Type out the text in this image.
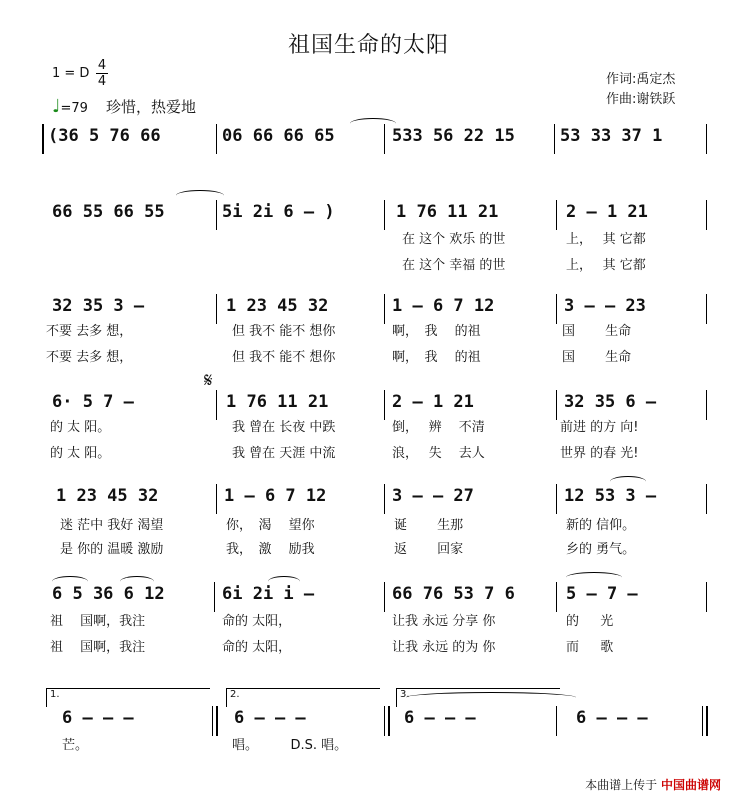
祖国生命的太阳
1 = D
4
4
♩=79 珍惜，热爱地
作词:禹定杰
作曲:谢铁跃
(36 5 76 66	06 66 66 65	533 56 22 15	53 33 37 1
66 55 66 55	5i 2i 6 – )	1 76 11 21
在 这个 欢乐 的世
在 这个 幸福 的世
2 – 1 21
上，　 其 它都
上，　 其 它都
32 35 3 –
不要 去多 想，
不要 去多 想，
1 23 45 32
但 我不 能不 想你
但 我不 能不 想你
1 – 6 7 12
啊，　我 　的祖
啊，　我 　的祖
3 – – 23
国 　　生命
国 　　生命
6· 5 7 –
的 太 阳。
的 太 阳。
𝄋
1 76 11 21
我 曾在 长夜 中跌
我 曾在 天涯 中流
2 – 1 21
倒，　 辨 　不清
浪，　 失 　去人
32 35 6 –
前进 的方 向!
世界 的春 光!
1 23 45 32
迷 茫中 我好 渴望
是 你的 温暖 激励
1 – 6 7 12
你，　渴 　望你
我，　激 　励我
3 – – 27
诞 　　生那
返 　　回家
12 53 3 –
新的 信仰。
乡的 勇气。
6 5 36 6 12
祖 　国啊，我注
祖 　国啊，我注
6i 2i i –
命的 太阳，
命的 太阳，
66 76 53 7 6
让我 永远 分享 你
让我 永远 的为 你
5 – 7 –
的 　 光
而 　 歌
1.	2.	3.
6 – – –
芒。
6 – – –
唱。　　　D.S. 唱。
6 – – –	6 – – –
本曲谱上传于 中国曲谱网
